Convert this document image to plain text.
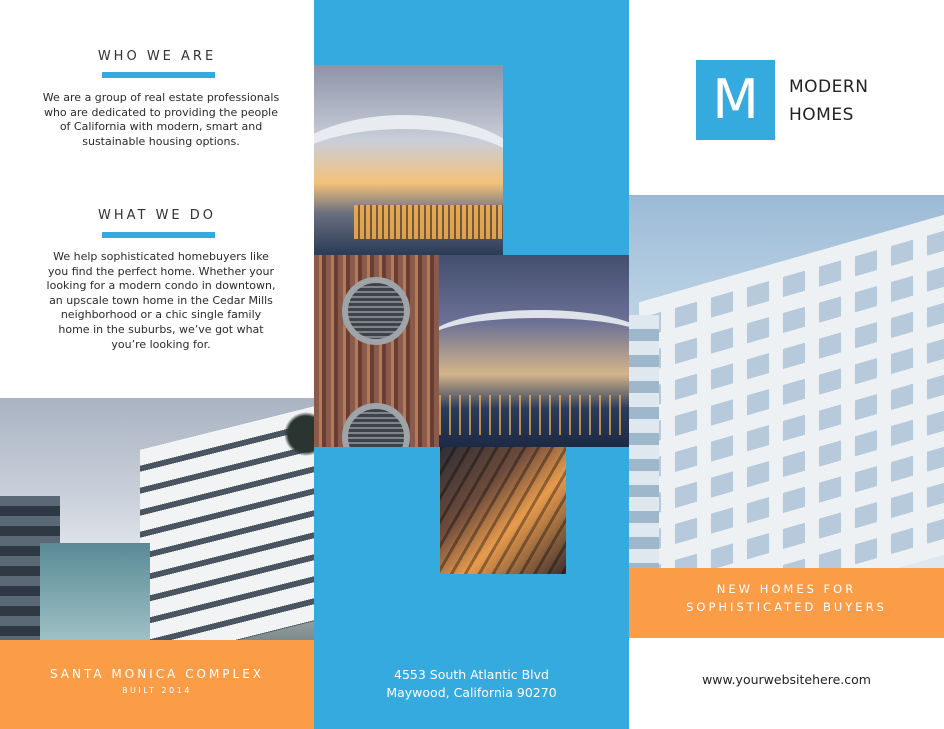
WHO WE ARE
We are a group of real estate professionals
who are dedicated to providing the people
of California with modern, smart and
sustainable housing options.
WHAT WE DO
We help sophisticated homebuyers like
you find the perfect home. Whether your
looking for a modern condo in downtown,
an upscale town home in the Cedar Mills
neighborhood or a chic single family
home in the suburbs, we’ve got what
you’re looking for.
SANTA MONICA COMPLEX
BUILT 2014
4553 South Atlantic Blvd
Maywood, California 90270
M	MODERN
HOMES
NEW HOMES FOR
SOPHISTICATED BUYERS
www.yourwebsitehere.com
